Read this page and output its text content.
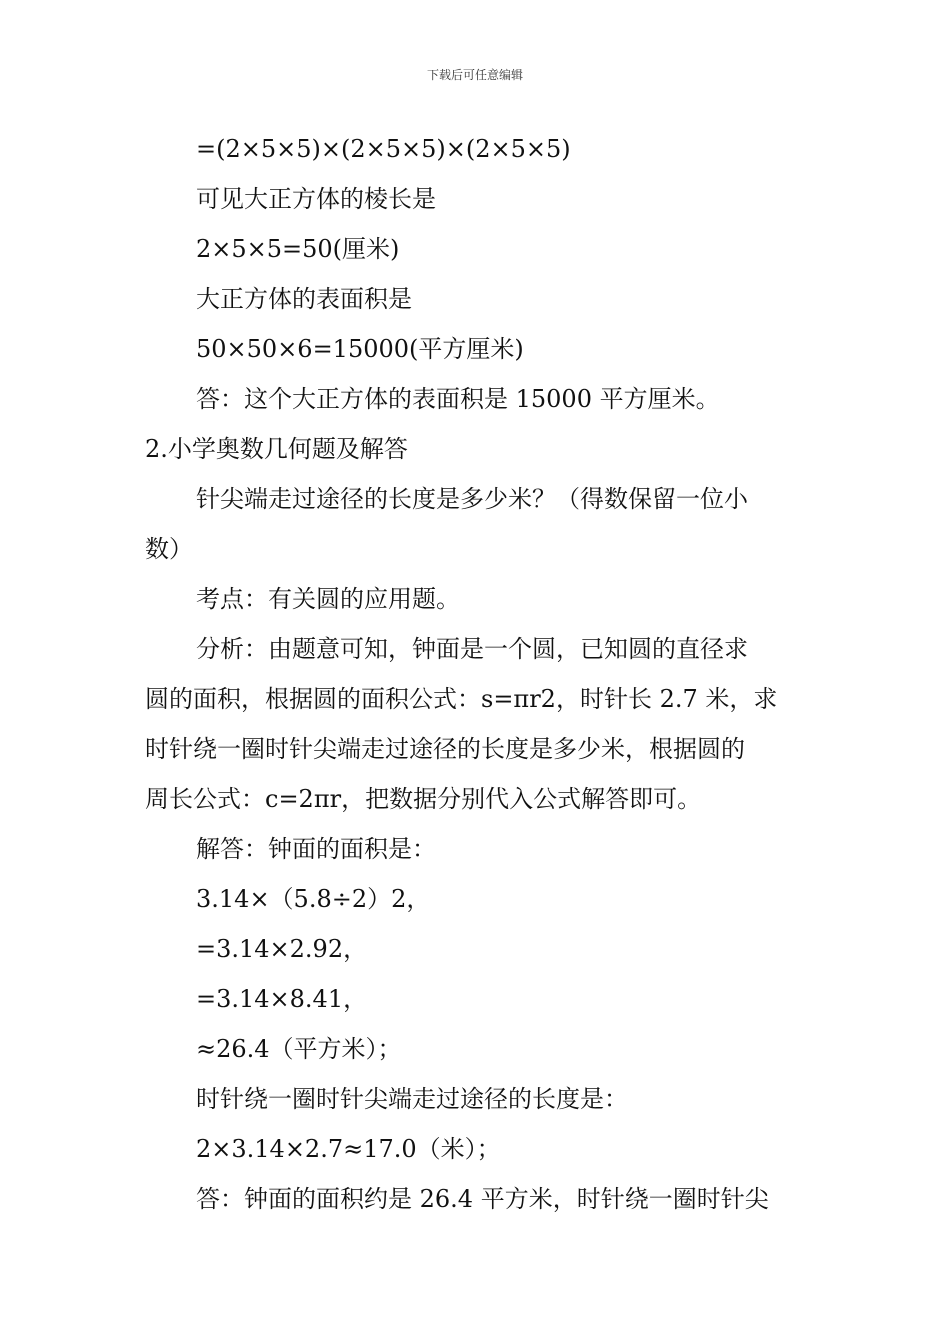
下载后可任意编辑
=(2×5×5)×(2×5×5)×(2×5×5)
可见大正方体的棱长是
2×5×5=50(厘米)
大正方体的表面积是
50×50×6=15000(平方厘米)
答：这个大正方体的表面积是 15000 平方厘米。
2.小学奥数几何题及解答
针尖端走过途径的长度是多少米？（得数保留一位小
数）
考点：有关圆的应用题。
分析：由题意可知，钟面是一个圆，已知圆的直径求
圆的面积，根据圆的面积公式：s=πr2，时针长 2.7 米，求
时针绕一圈时针尖端走过途径的长度是多少米，根据圆的
周长公式：c=2πr，把数据分别代入公式解答即可。
解答：钟面的面积是：
3.14×（5.8÷2）2，
=3.14×2.92，
=3.14×8.41，
≈26.4（平方米）；
时针绕一圈时针尖端走过途径的长度是：
2×3.14×2.7≈17.0（米）；
答：钟面的面积约是 26.4 平方米，时针绕一圈时针尖
